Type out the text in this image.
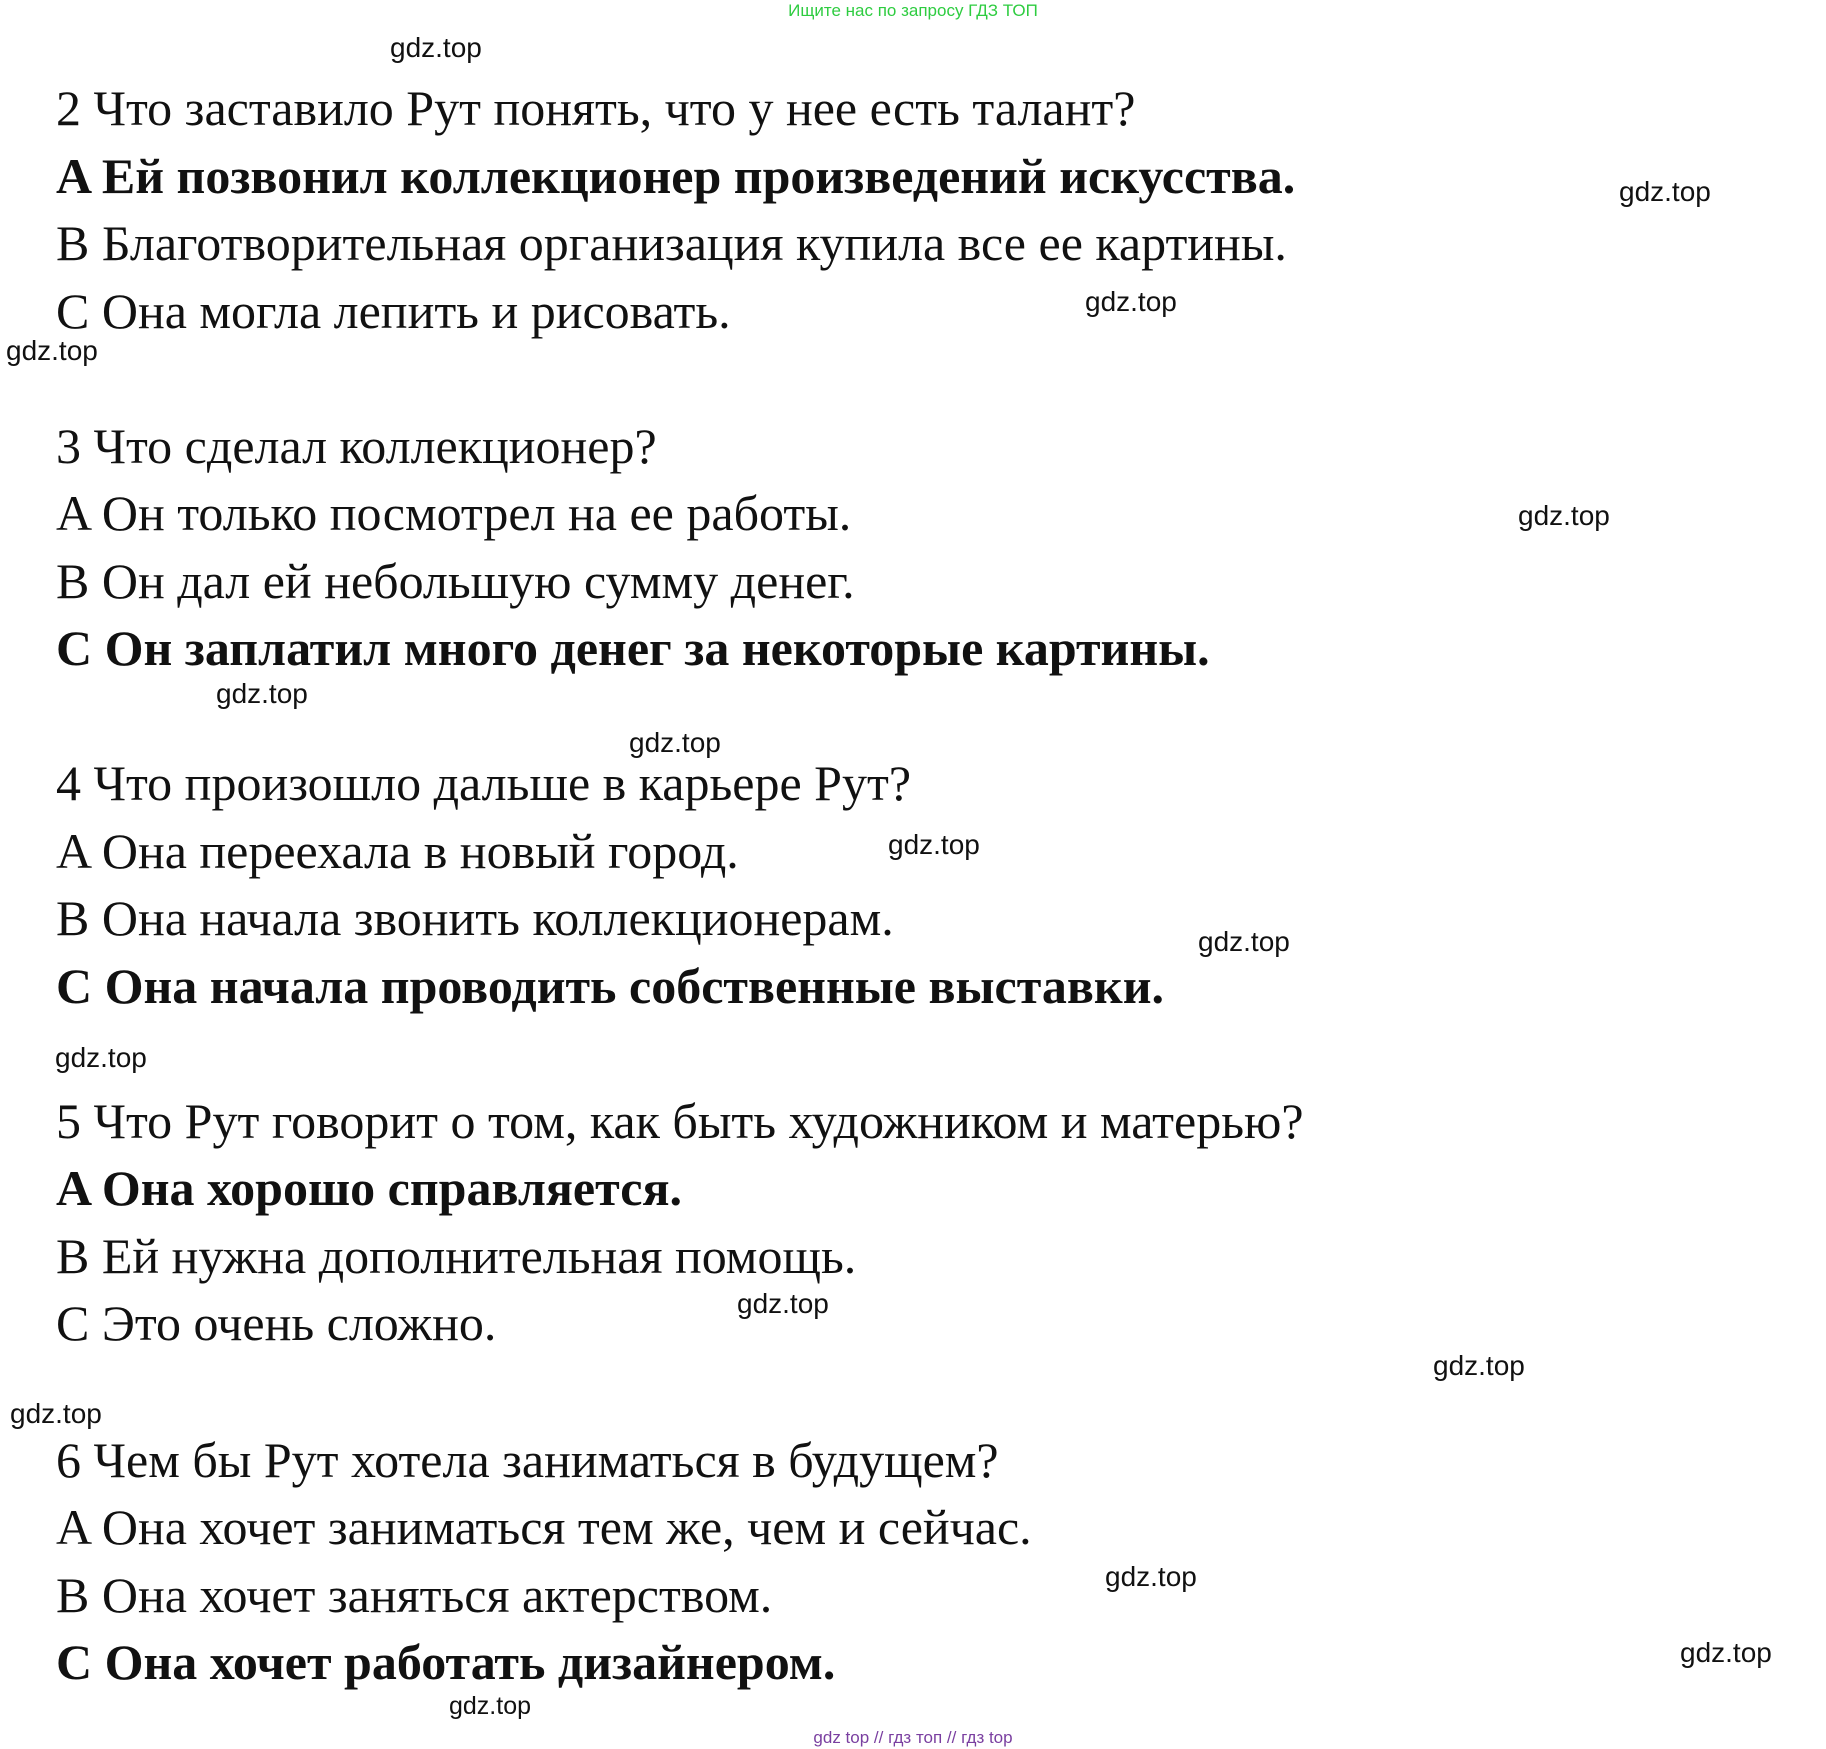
Ищите нас по запросу ГДЗ ТОП
2 Что заставило Рут понять, что у нее есть талант?
A Ей позвонил коллекционер произведений искусства.
B Благотворительная организация купила все ее картины.
C Она могла лепить и рисовать.
3 Что сделал коллекционер?
A Он только посмотрел на ее работы.
B Он дал ей небольшую сумму денег.
C Он заплатил много денег за некоторые картины.
4 Что произошло дальше в карьере Рут?
A Она переехала в новый город.
B Она начала звонить коллекционерам.
C Она начала проводить собственные выставки.
5 Что Рут говорит о том, как быть художником и матерью?
A Она хорошо справляется.
B Ей нужна дополнительная помощь.
C Это очень сложно.
6 Чем бы Рут хотела заниматься в будущем?
A Она хочет заниматься тем же, чем и сейчас.
B Она хочет заняться актерством.
C Она хочет работать дизайнером.
gdz.top
gdz.top
gdz.top
gdz.top
gdz.top
gdz.top
gdz.top
gdz.top
gdz.top
gdz.top
gdz.top
gdz.top
gdz.top
gdz.top
gdz.top
gdz.top
gdz top // гдз топ // гдз top
